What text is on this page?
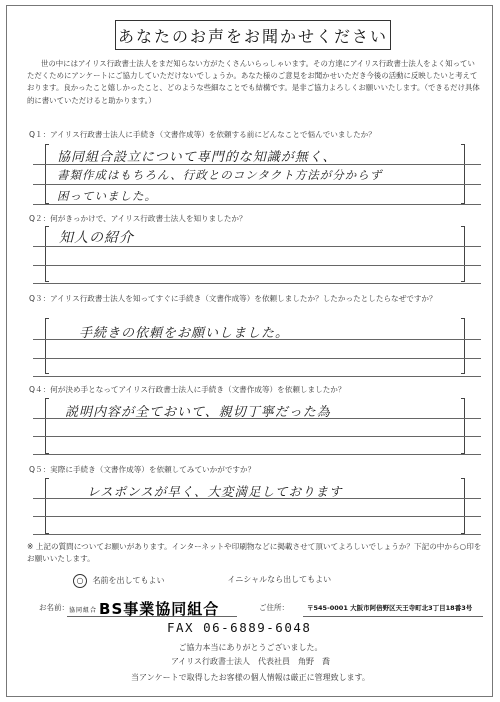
あなたのお声をお聞かせください

世の中にはアイリス行政書士法人をまだ知らない方がたくさんいらっしゃいます。その方達にアイリス行政書士法人をよく知っていただくためにアンケートにご協力していただけないでしょうか。あなた様のご意見をお聞かせいただき今後の活動に反映したいと考えております。良かったこと嬉しかったこと、どのような些細なことでも結構です。是非ご協力よろしくお願いいたします。（できるだけ具体的に書いていただけると助かります。）

Q１：アイリス行政書士法人に手続き（文書作成等）を依頼する前にどんなことで悩んでいましたか？

協同組合設立について専門的な知識が無く、

書類作成はもちろん、行政とのコンタクト方法が分からず

困っていました。

Q２：何がきっかけで、アイリス行政書士法人を知りましたか？

知人の紹介

Q３：アイリス行政書士法人を知ってすぐに手続き（文書作成等）を依頼しましたか？したかったとしたらなぜですか？

手続きの依頼をお願いしました。

Q４：何が決め手となってアイリス行政書士法人に手続き（文書作成等）を依頼しましたか？

説明内容が全ておいて、親切丁寧だった為

Q５：実際に手続き（文書作成等）を依頼してみていかがですか？

レスポンスが早く、大変満足しております

※ 上記の質問についてお願いがあります。インターネットや印刷物などに掲載させて頂いてよろしいでしょうか？下記の中から○印をお願いいたします。

○ 名前を出してもよい	イニシャルなら出してもよい
お名前： 協同組合 BS事業協同組合	ご住所：	〒545-0001 大阪市阿倍野区天王寺町北3丁目18番3号
FAX 06-6889-6048
ご協力本当にありがとうございました。
アイリス行政書士法人　代表社員　角野　喬
当アンケートで取得したお客様の個人情報は厳正に管理致します。
